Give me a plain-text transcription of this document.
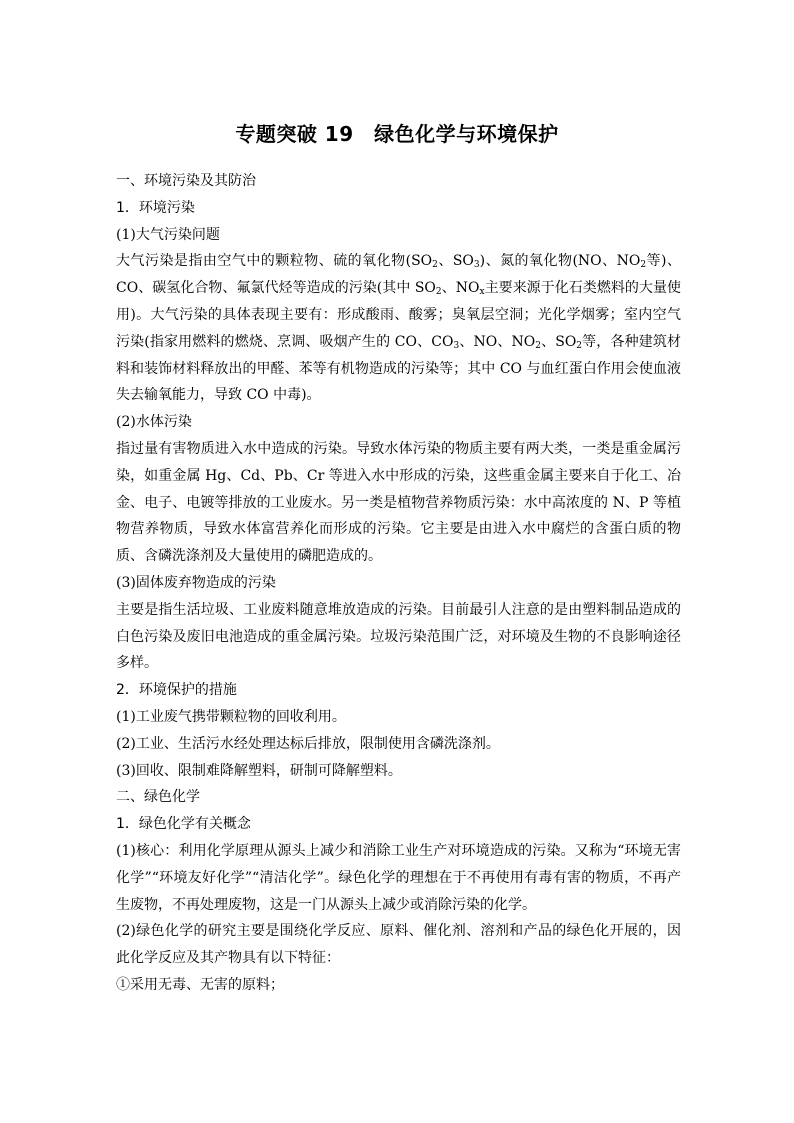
专题突破 19　绿色化学与环境保护

一、环境污染及其防治

1．环境污染

(1)大气污染问题

大气污染是指由空气中的颗粒物、硫的氧化物($SO_2$、$SO_3$)、氮的氧化物(NO、$NO_2$等)、CO、碳氢化合物、氟氯代烃等造成的污染(其中 $SO_2$、$NO_x$主要来源于化石类燃料的大量使用)。大气污染的具体表现主要有：形成酸雨、酸雾；臭氧层空洞；光化学烟雾；室内空气污染(指家用燃料的燃烧、烹调、吸烟产生的 CO、$CO_3$、NO、$NO_2$、$SO_2$等，各种建筑材料和装饰材料释放出的甲醛、苯等有机物造成的污染等；其中 CO 与血红蛋白作用会使血液失去输氧能力，导致 CO 中毒)。

(2)水体污染

指过量有害物质进入水中造成的污染。导致水体污染的物质主要有两大类，一类是重金属污染，如重金属 Hg、Cd、Pb、Cr 等进入水中形成的污染，这些重金属主要来自于化工、冶金、电子、电镀等排放的工业废水。另一类是植物营养物质污染：水中高浓度的 N、P 等植物营养物质，导致水体富营养化而形成的污染。它主要是由进入水中腐烂的含蛋白质的物质、含磷洗涤剂及大量使用的磷肥造成的。

(3)固体废弃物造成的污染

主要是指生活垃圾、工业废料随意堆放造成的污染。目前最引人注意的是由塑料制品造成的白色污染及废旧电池造成的重金属污染。垃圾污染范围广泛，对环境及生物的不良影响途径多样。

2．环境保护的措施

(1)工业废气携带颗粒物的回收利用。

(2)工业、生活污水经处理达标后排放，限制使用含磷洗涤剂。

(3)回收、限制难降解塑料，研制可降解塑料。

二、绿色化学

1．绿色化学有关概念

(1)核心：利用化学原理从源头上减少和消除工业生产对环境造成的污染。又称为“环境无害化学”“环境友好化学”“清洁化学”。绿色化学的理想在于不再使用有毒有害的物质，不再产生废物，不再处理废物，这是一门从源头上减少或消除污染的化学。

(2)绿色化学的研究主要是围绕化学反应、原料、催化剂、溶剂和产品的绿色化开展的，因此化学反应及其产物具有以下特征：

①采用无毒、无害的原料；
